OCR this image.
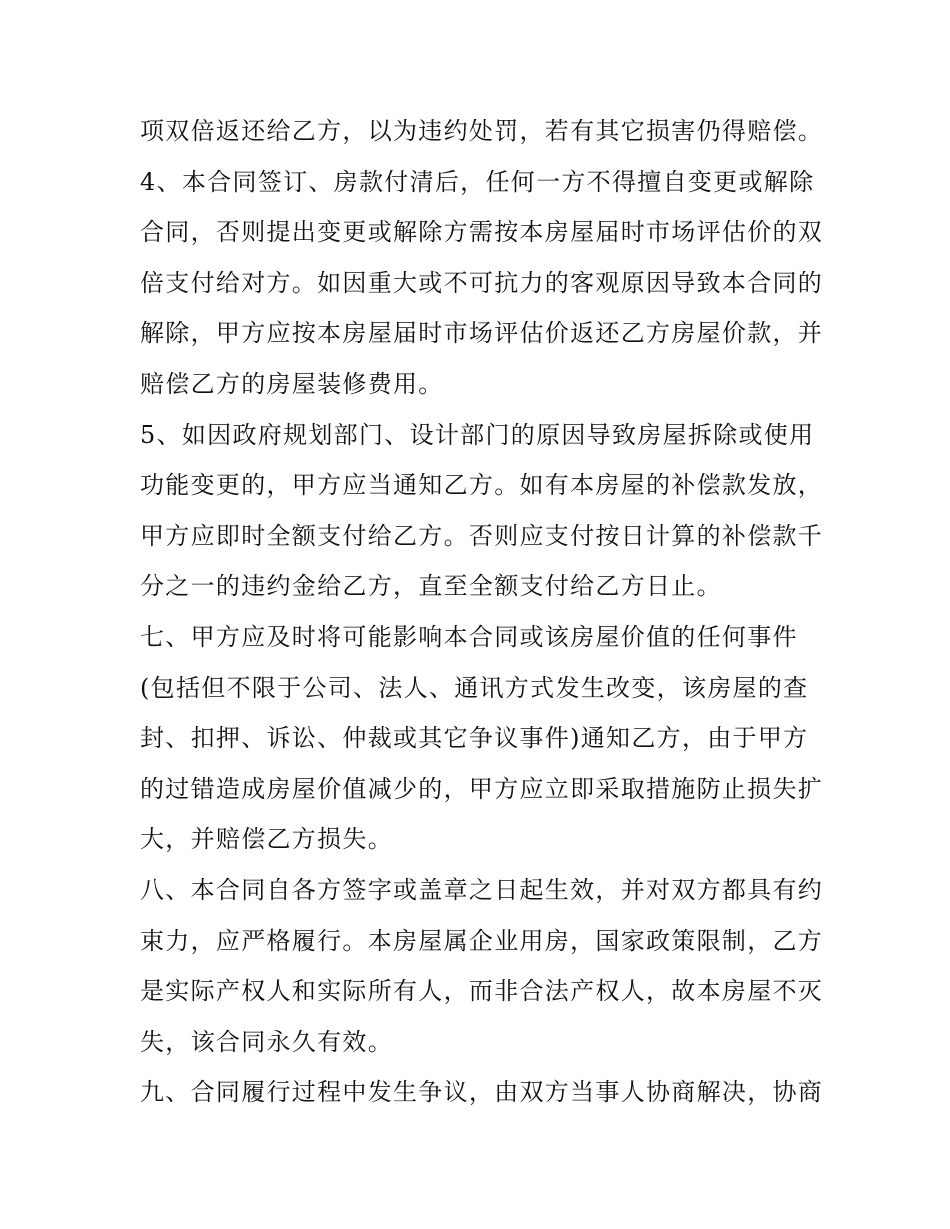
项双倍返还给乙方，以为违约处罚，若有其它损害仍得赔偿。
4、本合同签订、房款付清后，任何一方不得擅自变更或解除
合同，否则提出变更或解除方需按本房屋届时市场评估价的双
倍支付给对方。如因重大或不可抗力的客观原因导致本合同的
解除，甲方应按本房屋届时市场评估价返还乙方房屋价款，并
赔偿乙方的房屋装修费用。
5、如因政府规划部门、设计部门的原因导致房屋拆除或使用
功能变更的，甲方应当通知乙方。如有本房屋的补偿款发放，
甲方应即时全额支付给乙方。否则应支付按日计算的补偿款千
分之一的违约金给乙方，直至全额支付给乙方日止。
七、甲方应及时将可能影响本合同或该房屋价值的任何事件
(包括但不限于公司、法人、通讯方式发生改变，该房屋的查
封、扣押、诉讼、仲裁或其它争议事件)通知乙方，由于甲方
的过错造成房屋价值减少的，甲方应立即采取措施防止损失扩
大，并赔偿乙方损失。
八、本合同自各方签字或盖章之日起生效，并对双方都具有约
束力，应严格履行。本房屋属企业用房，国家政策限制，乙方
是实际产权人和实际所有人，而非合法产权人，故本房屋不灭
失，该合同永久有效。
九、合同履行过程中发生争议，由双方当事人协商解决，协商
